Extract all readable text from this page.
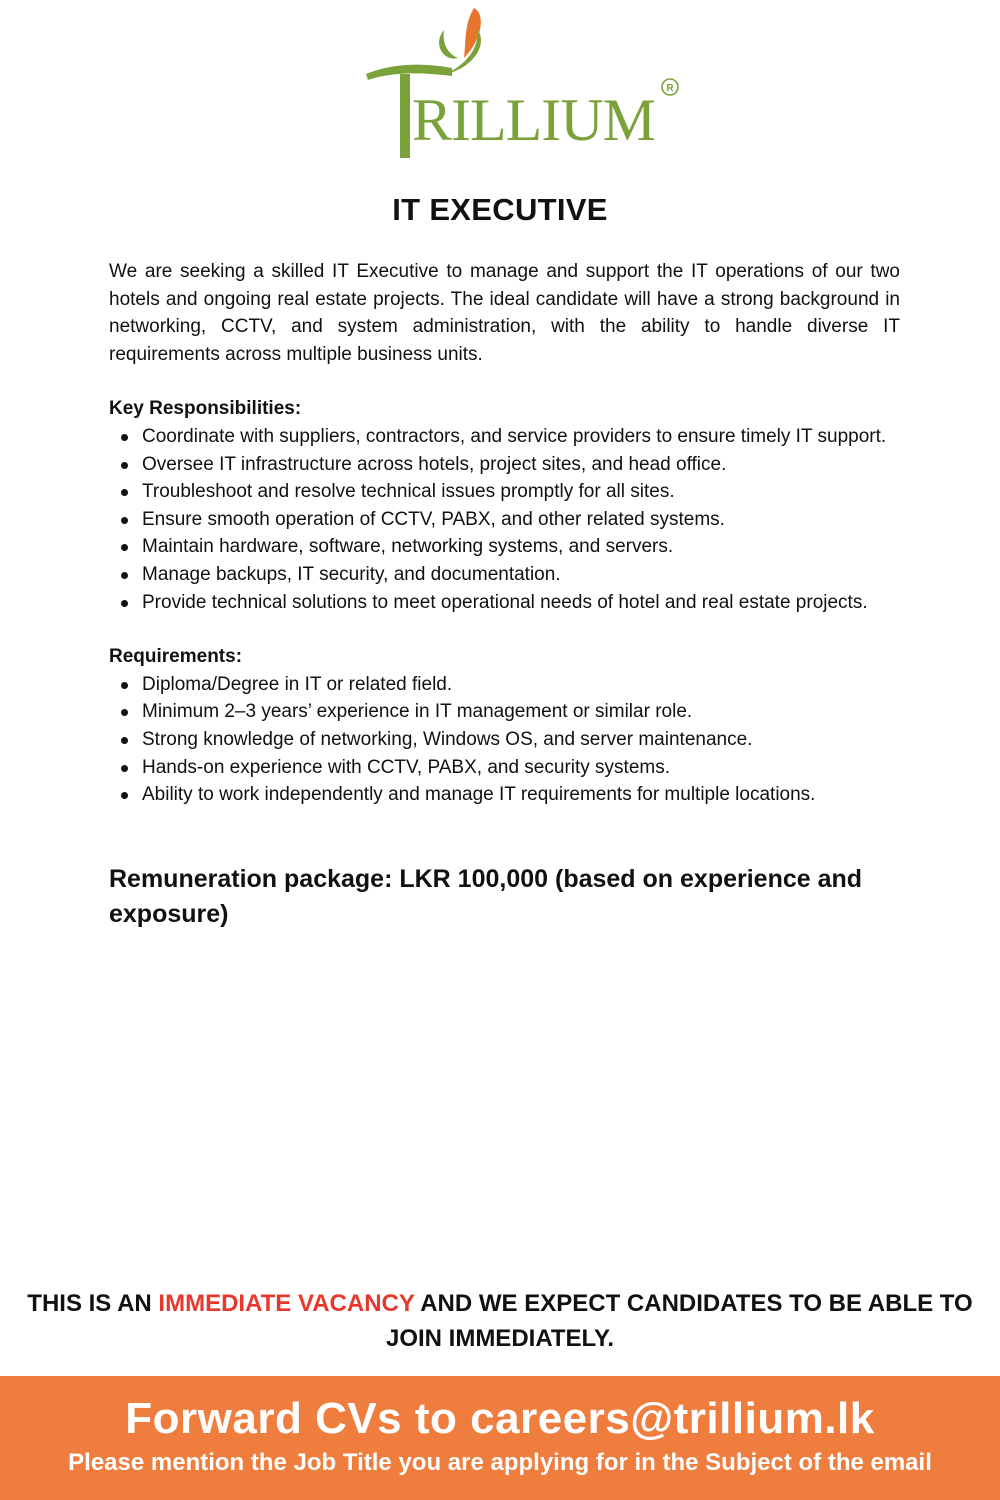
RILLIUM R
IT EXECUTIVE

We are seeking a skilled IT Executive to manage and support the IT operations of our two hotels and ongoing real estate projects. The ideal candidate will have a strong background in networking, CCTV, and system administration, with the ability to handle diverse IT requirements across multiple business units.

Key Responsibilities:

Coordinate with suppliers, contractors, and service providers to ensure timely IT support.
Oversee IT infrastructure across hotels, project sites, and head office.
Troubleshoot and resolve technical issues promptly for all sites.
Ensure smooth operation of CCTV, PABX, and other related systems.
Maintain hardware, software, networking systems, and servers.
Manage backups, IT security, and documentation.
Provide technical solutions to meet operational needs of hotel and real estate projects.

Requirements:

Diploma/Degree in IT or related field.
Minimum 2–3 years’ experience in IT management or similar role.
Strong knowledge of networking, Windows OS, and server maintenance.
Hands-on experience with CCTV, PABX, and security systems.
Ability to work independently and manage IT requirements for multiple locations.

Remuneration package: LKR 100,000 (based on experience and exposure)

THIS IS AN IMMEDIATE VACANCY AND WE EXPECT CANDIDATES TO BE ABLE TO JOIN IMMEDIATELY.

Forward CVs to careers@trillium.lk

Please mention the Job Title you are applying for in the Subject of the email
